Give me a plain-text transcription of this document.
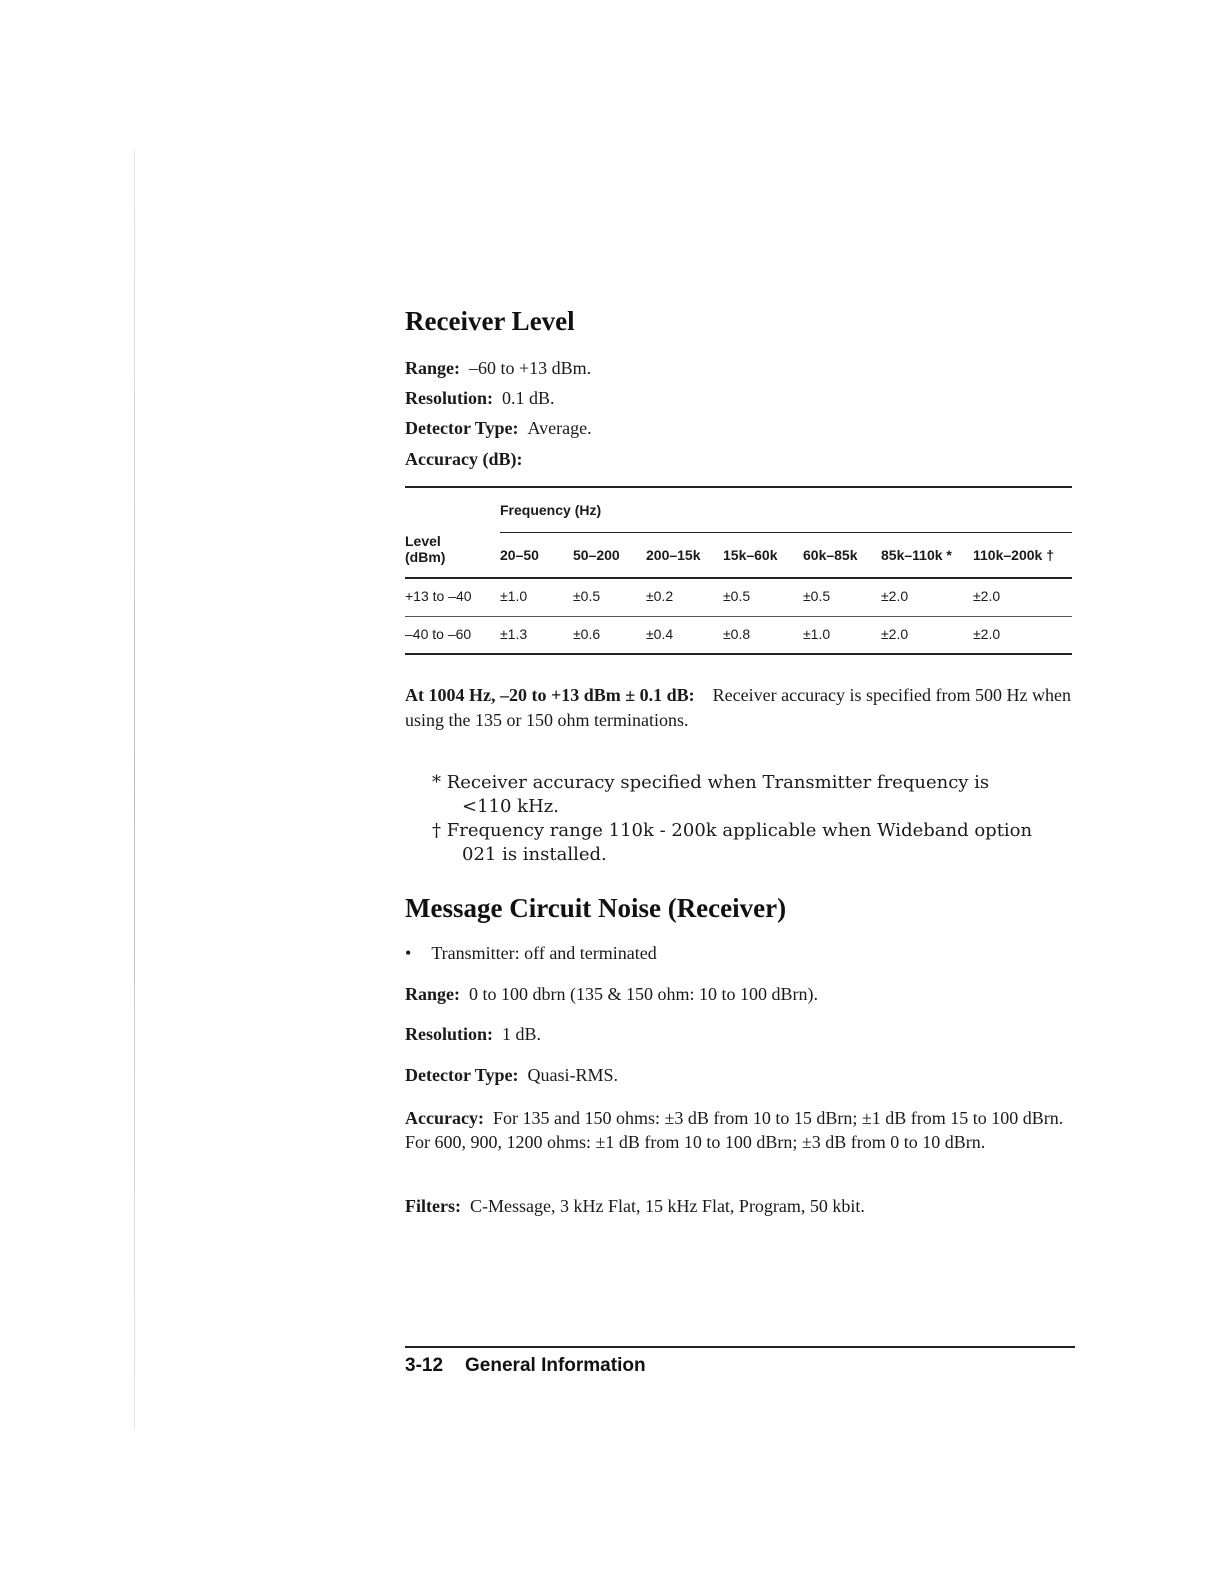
Receiver Level

Range: –60 to +13 dBm.

Resolution: 0.1 dB.

Detector Type: Average.

Accuracy (dB):

Level
(dBm)	Frequency (Hz)						
	20–50	50–200	200–15k	15k–60k	60k–85k	85k–110k *	110k–200k †
+13 to –40	±1.0	±0.5	±0.2	±0.5	±0.5	±2.0	±2.0
–40 to –60	±1.3	±0.6	±0.4	±0.8	±1.0	±2.0	±2.0

At 1004 Hz, –20 to +13 dBm ± 0.1 dB: Receiver accuracy is specified from 500 Hz when using the 135 or 150 ohm terminations.

* Receiver accuracy specified when Transmitter frequency is
<110 kHz.
† Frequency range 110k - 200k applicable when Wideband option
021 is installed.
Message Circuit Noise (Receiver)

• Transmitter: off and terminated

Range: 0 to 100 dbrn (135 & 150 ohm: 10 to 100 dBrn).

Resolution: 1 dB.

Detector Type: Quasi-RMS.

Accuracy: For 135 and 150 ohms: ±3 dB from 10 to 15 dBrn; ±1 dB from 15 to 100 dBrn. For 600, 900, 1200 ohms: ±1 dB from 10 to 100 dBrn; ±3 dB from 0 to 10 dBrn.

Filters: C-Message, 3 kHz Flat, 15 kHz Flat, Program, 50 kbit.

3-12 General Information
